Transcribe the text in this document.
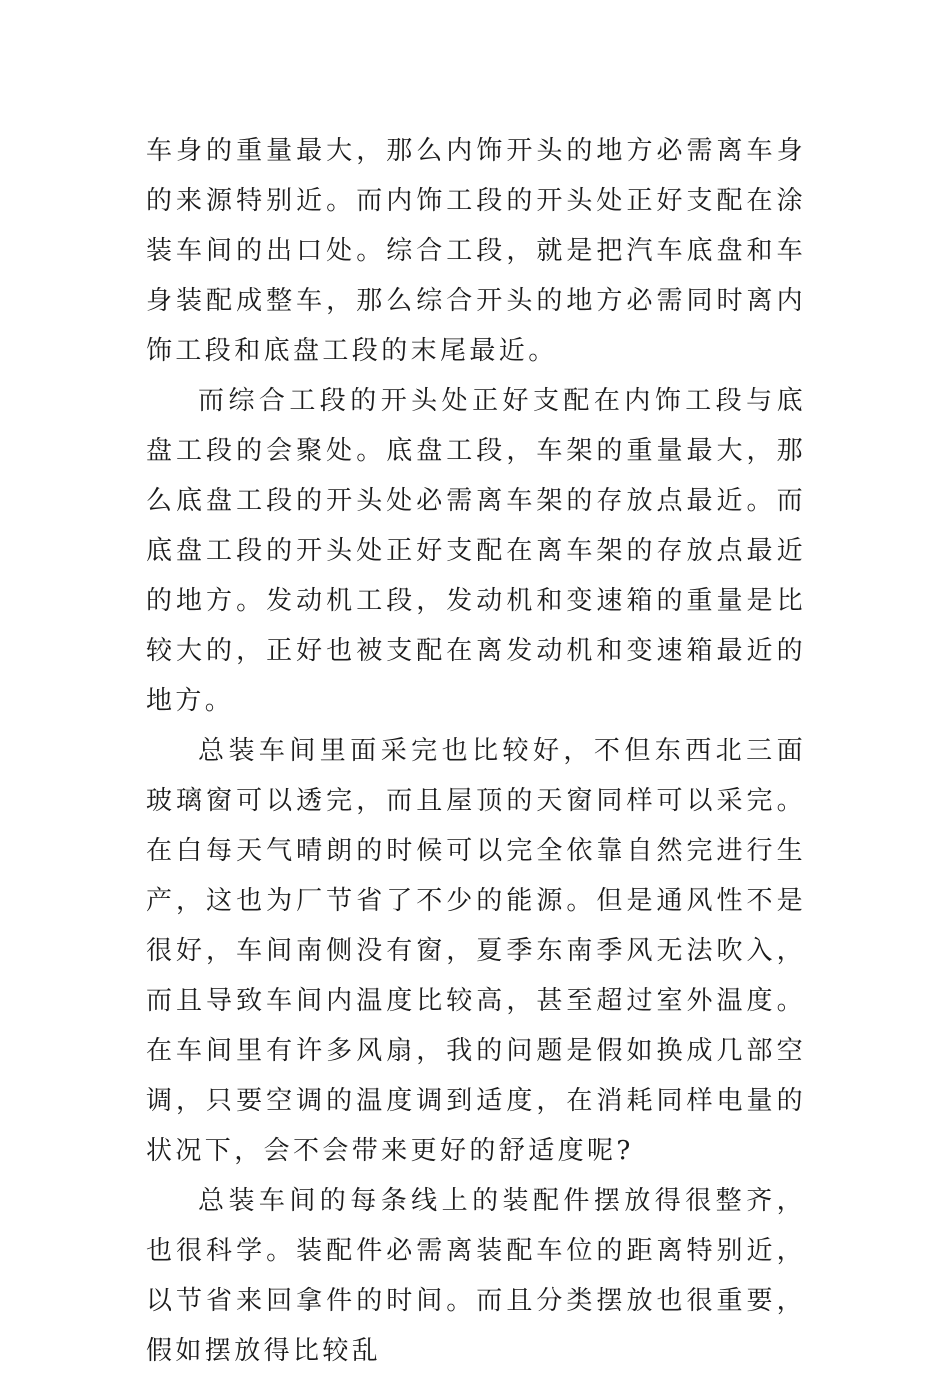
车身的重量最大，那么内饰开头的地方必需离车身的来源特别近。而内饰工段的开头处正好支配在涂装车间的出口处。综合工段，就是把汽车底盘和车身装配成整车，那么综合开头的地方必需同时离内饰工段和底盘工段的末尾最近。

而综合工段的开头处正好支配在内饰工段与底盘工段的会聚处。底盘工段，车架的重量最大，那么底盘工段的开头处必需离车架的存放点最近。而底盘工段的开头处正好支配在离车架的存放点最近的地方。发动机工段，发动机和变速箱的重量是比较大的，正好也被支配在离发动机和变速箱最近的地方。

总装车间里面采完也比较好，不但东西北三面玻璃窗可以透完，而且屋顶的天窗同样可以采完。在白每天气晴朗的时候可以完全依靠自然完进行生产，这也为厂节省了不少的能源。但是通风性不是很好，车间南侧没有窗，夏季东南季风无法吹入，而且导致车间内温度比较高，甚至超过室外温度。在车间里有许多风扇，我的问题是假如换成几部空调，只要空调的温度调到适度，在消耗同样电量的状况下，会不会带来更好的舒适度呢?

总装车间的每条线上的装配件摆放得很整齐，也很科学。装配件必需离装配车位的距离特别近，以节省来回拿件的时间。而且分类摆放也很重要，假如摆放得比较乱
